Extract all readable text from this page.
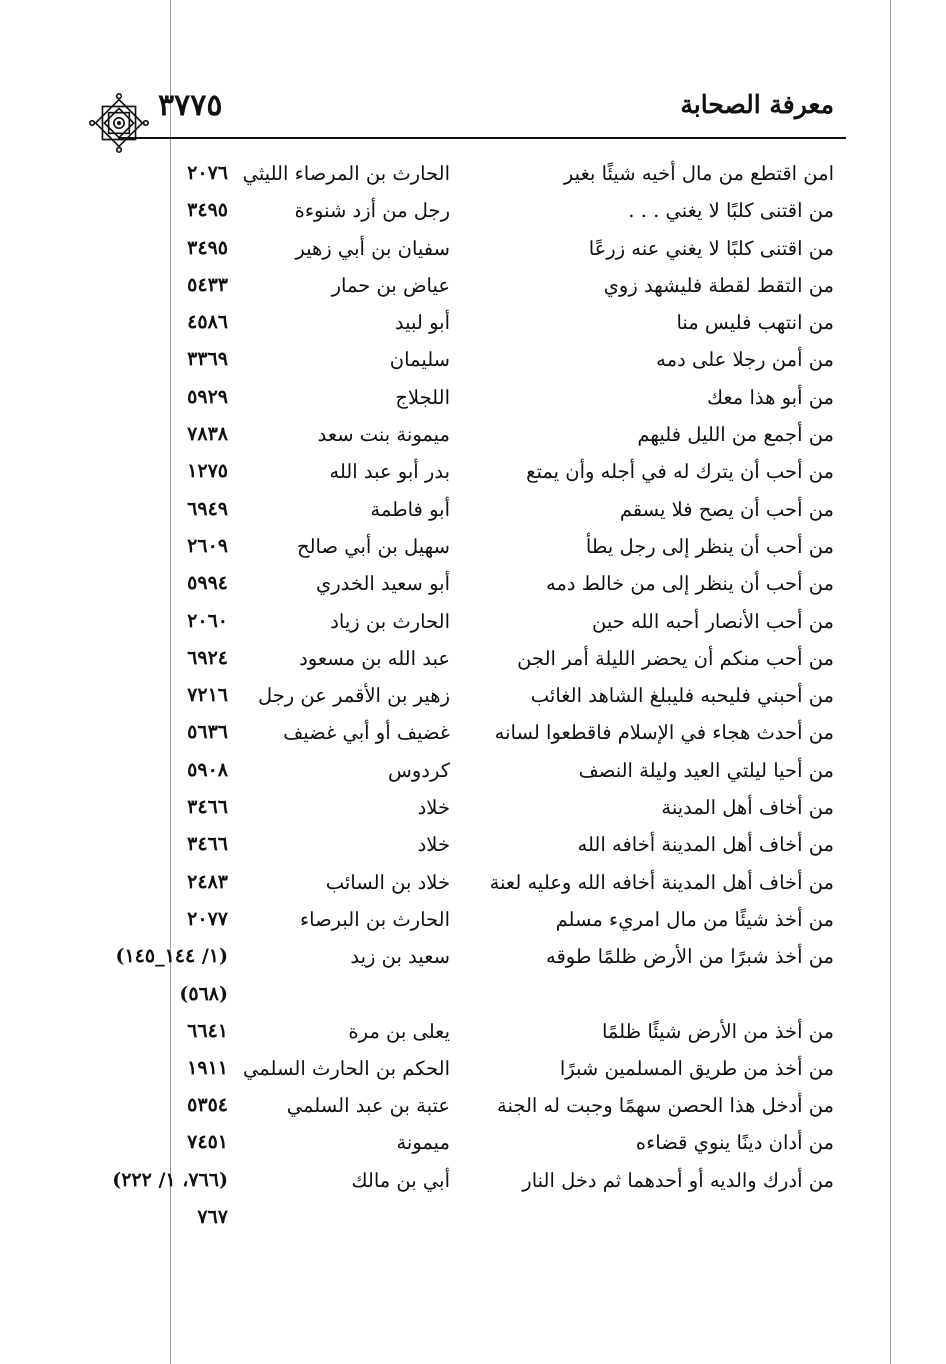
معرفة الصحابة
٣٧٧٥
امن اقتطع من مال أخيه شيئًا بغير
الحارث بن المرصاء الليثي
٢٠٧٦
من اقتنى كلبًا لا يغني . . .
رجل من أزد شنوءة
٣٤٩٥
من اقتنى كلبًا لا يغني عنه زرعًا
سفيان بن أبي زهير
٣٤٩٥
من التقط لقطة فليشهد زوي
عياض بن حمار
٥٤٣٣
من انتهب فليس منا
أبو لبيد
٤٥٨٦
من أمن رجلا على دمه
سليمان
٣٣٦٩
من أبو هذا معك
اللجلاج
٥٩٢٩
من أجمع من الليل فليهم
ميمونة بنت سعد
٧٨٣٨
من أحب أن يترك له في أجله وأن يمتع
بدر أبو عبد الله
١٢٧٥
من أحب أن يصح فلا يسقم
أبو فاطمة
٦٩٤٩
من أحب أن ينظر إلى رجل يطأ
سهيل بن أبي صالح
٢٦٠٩
من أحب أن ينظر إلى من خالط دمه
أبو سعيد الخدري
٥٩٩٤
من أحب الأنصار أحبه الله حين
الحارث بن زياد
٢٠٦٠
من أحب منكم أن يحضر الليلة أمر الجن
عبد الله بن مسعود
٦٩٢٤
من أحبني فليحبه فليبلغ الشاهد الغائب
زهير بن الأقمر عن رجل
٧٢١٦
من أحدث هجاء في الإسلام فاقطعوا لسانه
غضيف أو أبي غضيف
٥٦٣٦
من أحيا ليلتي العيد وليلة النصف
كردوس
٥٩٠٨
من أخاف أهل المدينة
خلاد
٣٤٦٦
من أخاف أهل المدينة أخافه الله
خلاد
٣٤٦٦
من أخاف أهل المدينة أخافه الله وعليه لعنة
خلاد بن السائب
٢٤٨٣
من أخذ شيئًا من مال امريء مسلم
الحارث بن البرصاء
٢٠٧٧
من أخذ شبرًا من الأرض ظلمًا طوقه
سعيد بن زيد
(١/ ١٤٤_١٤٥)
(٥٦٨)
من أخذ من الأرض شيئًا ظلمًا
يعلى بن مرة
٦٦٤١
من أخذ من طريق المسلمين شبرًا
الحكم بن الحارث السلمي
١٩١١
من أدخل هذا الحصن سهمًا وجبت له الجنة
عتبة بن عبد السلمي
٥٣٥٤
من أدان دينًا ينوي قضاءه
ميمونة
٧٤٥١
من أدرك والديه أو أحدهما ثم دخل النار
أبي بن مالك
(٧٦٦، ١/ ٢٢٢)
٧٦٧
